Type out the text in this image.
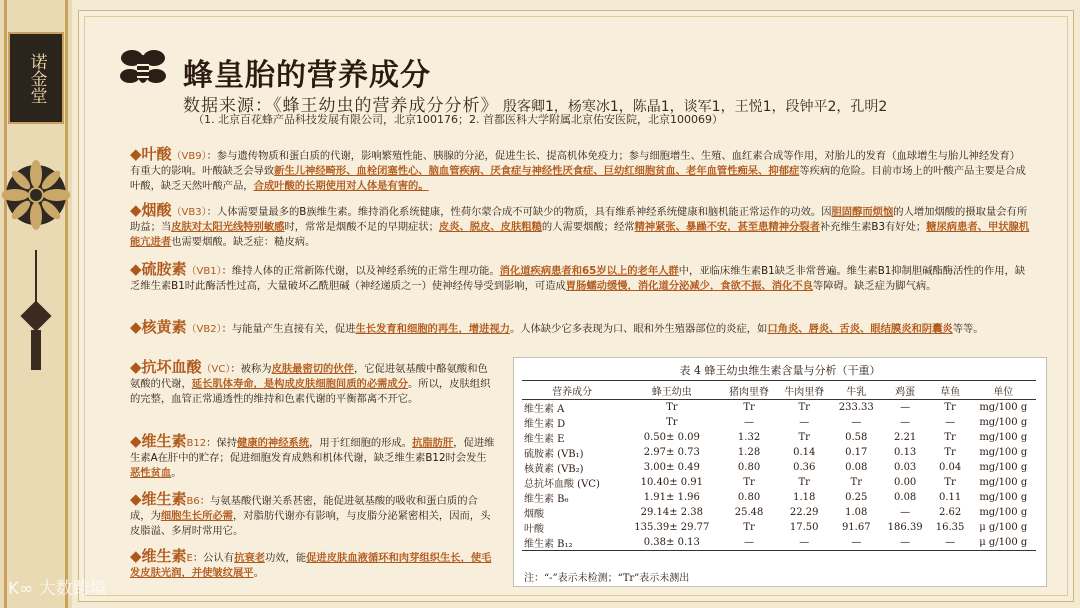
诺金堂	蜂皇胎的营养成分
数据来源：《蜂王幼虫的营养成分分析》 殷客卿1，杨寒冰1，陈晶1，谈军1，王悦1，段钟平2，孔明2
（1. 北京百花蜂产品科技发展有限公司，北京100176；2. 首都医科大学附属北京佑安医院，北京100069）
◆叶酸（VB9）：参与遗传物质和蛋白质的代谢，影响繁殖性能、胰腺的分泌，促进生长、提高机体免疫力；参与细胞增生、生殖、血红素合成等作用，对胎儿的发育（血球增生与胎儿神经发育）有重大的影响。叶酸缺乏会导致新生儿神经畸形、血栓闭塞性心、脑血管疾病、厌食症与神经性厌食症、巨幼红细胞贫血、老年血管性痴呆、抑郁症等疾病的危险。目前市场上的叶酸产品主要是合成叶酸，缺乏天然叶酸产品，合成叶酸的长期使用对人体是有害的。
◆烟酸（VB3）：人体需要量最多的B族维生素。维持消化系统健康，性荷尔蒙合成不可缺少的物质，具有维系神经系统健康和脑机能正常运作的功效。因胆固醇而烦恼的人增加烟酸的摄取量会有所助益；当皮肤对太阳光线特别敏感时，常常是烟酸不足的早期症状；皮炎、脱皮、皮肤粗糙的人需要烟酸；经常精神紧张、暴躁不安，甚至患精神分裂者补充维生素B3有好处；糖尿病患者、甲状腺机能亢进者也需要烟酸。缺乏症：糙皮病。
◆硫胺素（VB1）：维持人体的正常新陈代谢，以及神经系统的正常生理功能。消化道疾病患者和65岁以上的老年人群中，亚临床维生素B1缺乏非常普遍。维生素B1抑制胆碱酯酶活性的作用，缺乏维生素B1时此酶活性过高，大量破坏乙酰胆碱（神经递质之一）使神经传导受到影响，可造成胃肠蠕动缓慢，消化道分泌减少，食欲不振、消化不良等障碍。缺乏症为脚气病。
◆核黄素（VB2）：与能量产生直接有关，促进生长发育和细胞的再生，增进视力。人体缺少它多表现为口、眼和外生殖器部位的炎症，如口角炎、唇炎、舌炎、眼结膜炎和阴囊炎等等。
◆抗坏血酸（VC）：被称为皮肤最密切的伙伴，它促进氨基酸中酪氨酸和色氨酸的代谢，延长肌体寿命，是构成皮肤细胞间质的必需成分。所以，皮肤组织的完整，血管正常通透性的维持和色素代谢的平衡都离不开它。
◆维生素B12：保持健康的神经系统，用于红细胞的形成。抗脂肪肝，促进维生素A在肝中的贮存；促进细胞发育成熟和机体代谢，缺乏维生素B12时会发生恶性贫血。
◆维生素B6：与氨基酸代谢关系甚密，能促进氨基酸的吸收和蛋白质的合成，为细胞生长所必需，对脂肪代谢亦有影响，与皮脂分泌紧密相关，因而，头皮脂溢、多屑时常用它。
◆维生素E：公认有抗衰老功效，能促进皮肤血液循环和肉芽组织生长，使毛发皮肤光润，并使皱纹展平。
表 4 蜂王幼虫维生素含量与分析（干重）
营养成分	蜂王幼虫	猪肉里脊	牛肉里脊	牛乳	鸡蛋	草鱼	单位
维生素 A	Tr	Tr	Tr	233.33	—	Tr	mg/100 g
维生素 D	Tr	—	—	—	—	—	mg/100 g
维生素 E	0.50± 0.09	1.32	Tr	0.58	2.21	Tr	mg/100 g
硫胺素 (VB₁)	2.97± 0.73	1.28	0.14	0.17	0.13	Tr	mg/100 g
核黄素 (VB₂)	3.00± 0.49	0.80	0.36	0.08	0.03	0.04	mg/100 g
总抗坏血酸 (VC)	10.40± 0.91	Tr	Tr	Tr	0.00	Tr	mg/100 g
维生素 B₆	1.91± 1.96	0.80	1.18	0.25	0.08	0.11	mg/100 g
烟酸	29.14± 2.38	25.48	22.29	1.08	—	2.62	mg/100 g
叶酸	135.39± 29.77	Tr	17.50	91.67	186.39	16.35	μ g/100 g
维生素 B₁₂	0.38± 0.13	—	—	—	—	—	μ g/100 g
注：“-”表示未检测；“Tr”表示未测出
K∞ 大数跨境
